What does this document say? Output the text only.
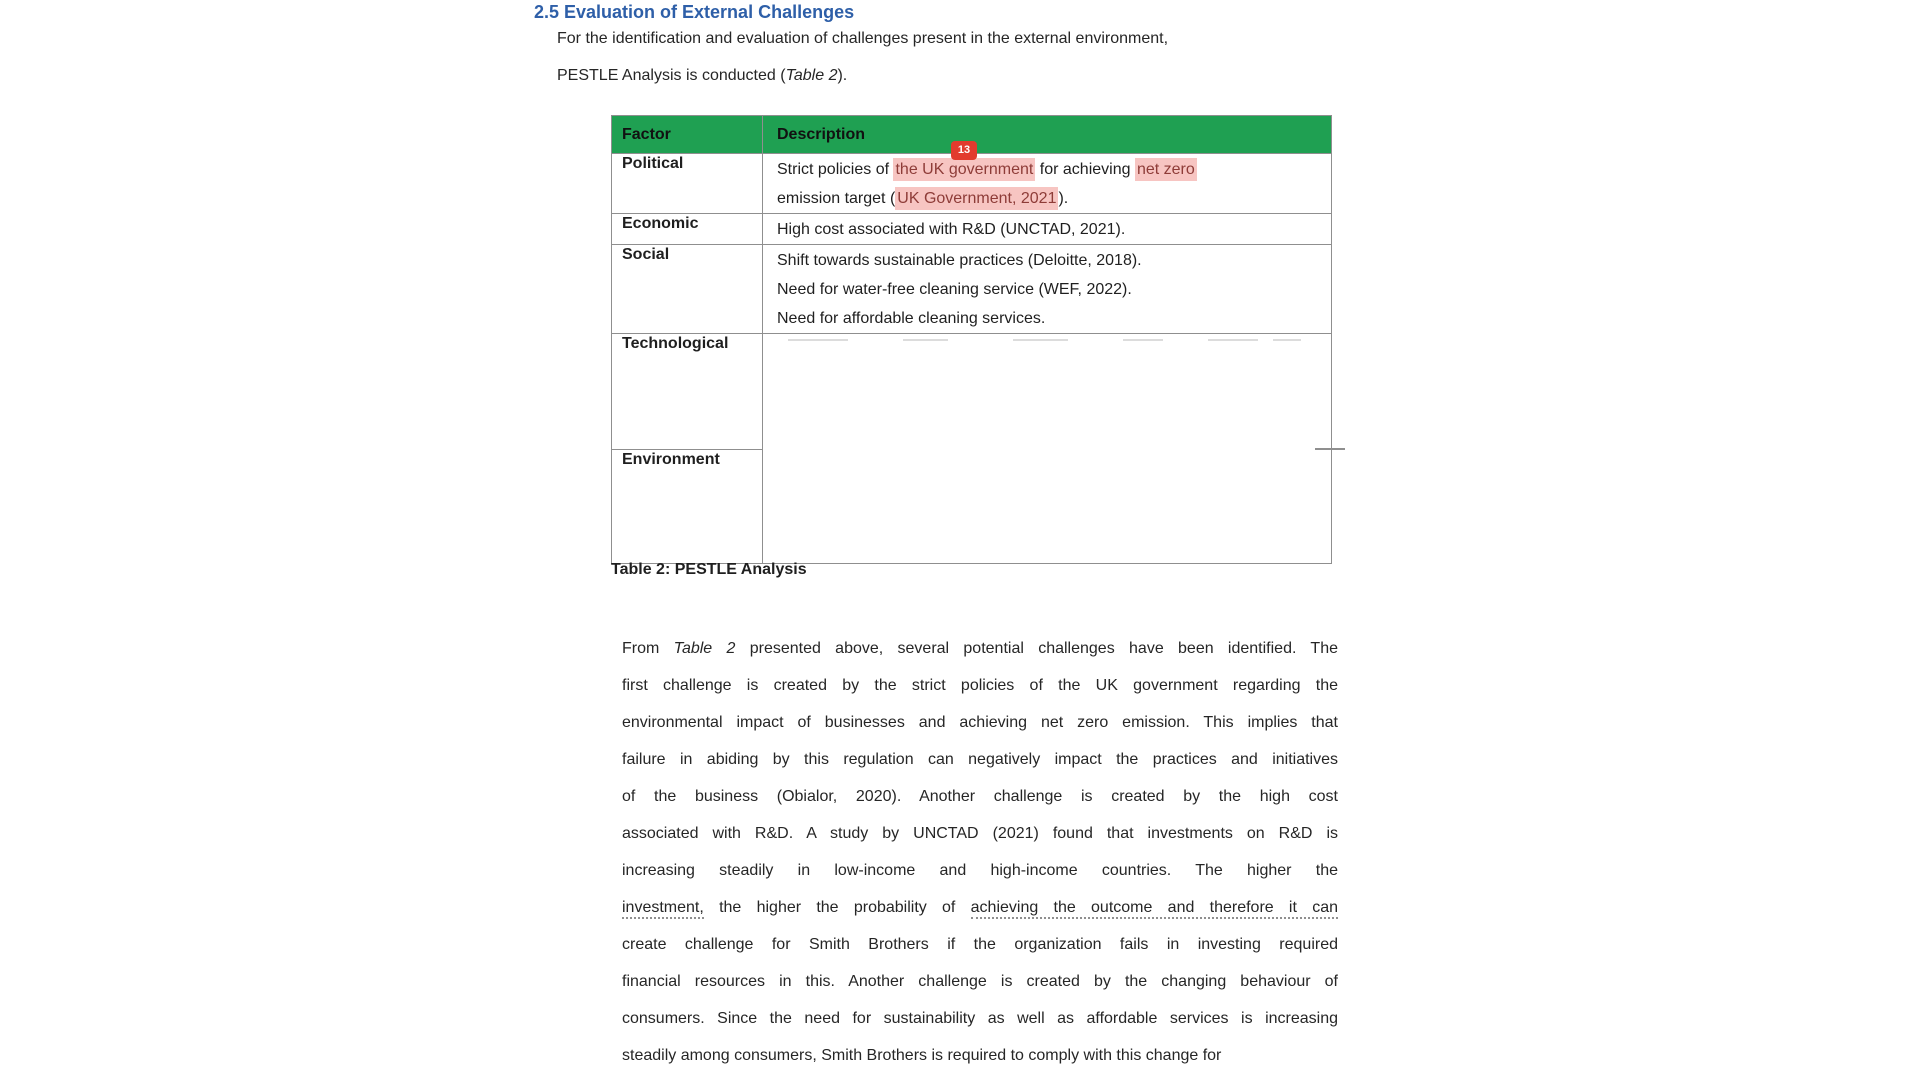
2.5 Evaluation of External Challenges
For the identification and evaluation of challenges present in the external environment,
PESTLE Analysis is conducted (Table 2).
Factor	Description
Political	Strict policies of the UK government for achieving net zero
emission target ( UK Government, 2021 ).

Economic	High cost associated with R&D (UNCTAD, 2021).

Social	Shift towards sustainable practices (Deloitte, 2018).
Need for water-free cleaning service (WEF, 2022).
Need for affordable cleaning services.

Technological	

Environment	
13
Table 2: PESTLE Analysis
From Table 2 presented above, several potential challenges have been identified. The
first challenge is created by the strict policies of the UK government regarding the
environmental impact of businesses and achieving net zero emission. This implies that
failure in abiding by this regulation can negatively impact the practices and initiatives
of the business (Obialor, 2020). Another challenge is created by the high cost
associated with R&D. A study by UNCTAD (2021) found that investments on R&D is
increasing steadily in low-income and high-income countries. The higher the
investment, the higher the probability of achieving the outcome and therefore it can
create challenge for Smith Brothers if the organization fails in investing required
financial resources in this. Another challenge is created by the changing behaviour of
consumers. Since the need for sustainability as well as affordable services is increasing
steadily among consumers, Smith Brothers is required to comply with this change for
